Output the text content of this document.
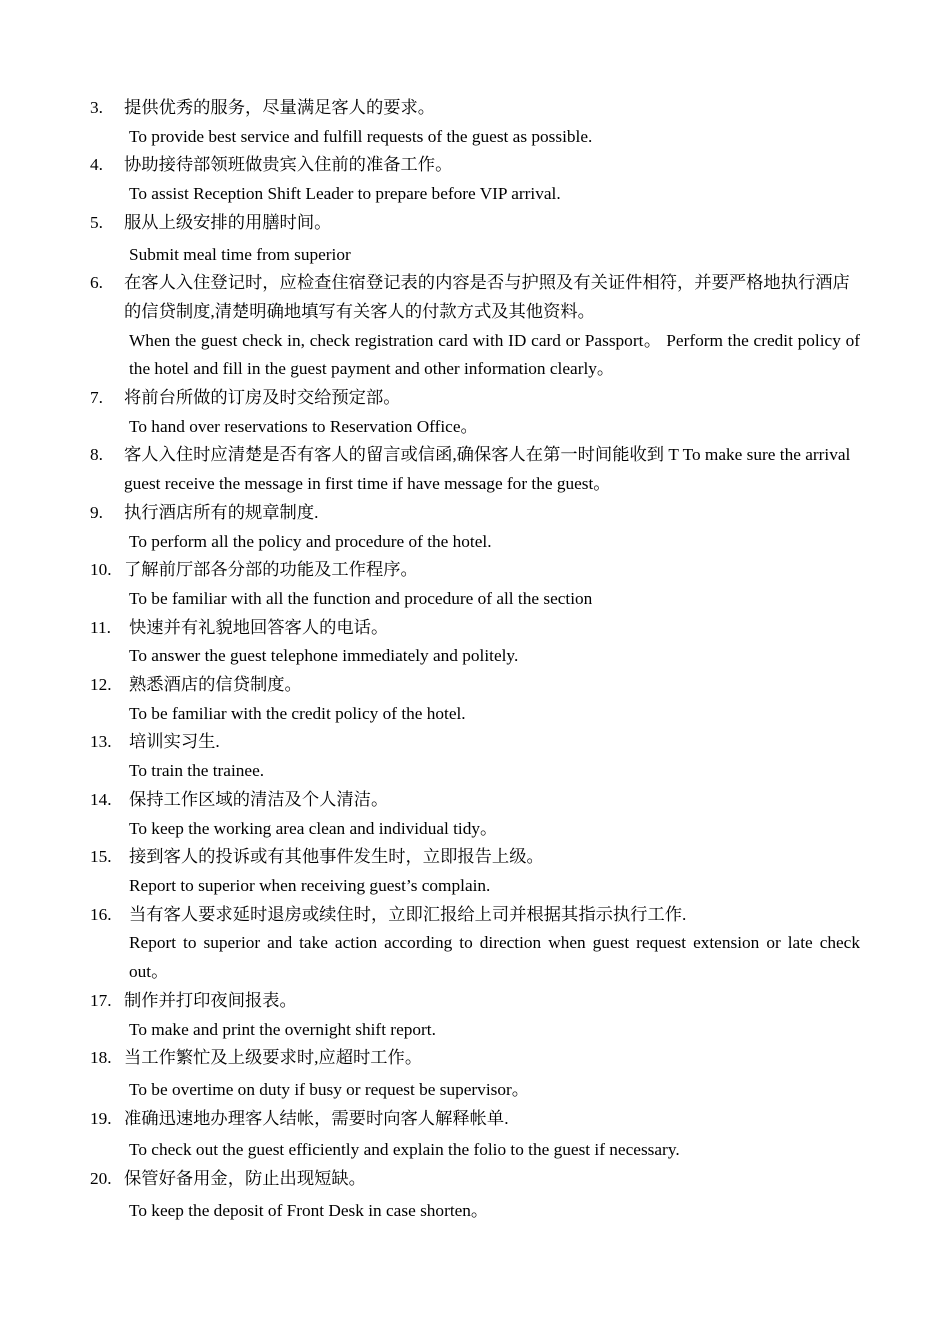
3.	提供优秀的服务，尽量满足客人的要求。
To provide best service and fulfill requests of the guest as possible.
4.	协助接待部领班做贵宾入住前的准备工作。
To assist Reception Shift Leader to prepare before VIP arrival.
5.	服从上级安排的用膳时间。
Submit meal time from superior
6.	在客人入住登记时，应检查住宿登记表的内容是否与护照及有关证件相符，并要严格地执行酒店的信贷制度,清楚明确地填写有关客人的付款方式及其他资料。
When the guest check in, check registration card with ID card or Passport。 Perform the credit policy of the hotel and fill in the guest payment and other information clearly。
7.	将前台所做的订房及时交给预定部。
To hand over reservations to Reservation Office。
8.	客人入住时应清楚是否有客人的留言或信函,确保客人在第一时间能收到 T To make sure the arrival guest receive the message in first time if have message for the guest。
9.	执行酒店所有的规章制度.
To perform all the policy and procedure of the hotel.
10. 了解前厅部各分部的功能及工作程序。
To be familiar with all the function and procedure of all the section
11.	快速并有礼貌地回答客人的电话。
To answer the guest telephone immediately and politely.
12.	熟悉酒店的信贷制度。
To be familiar with the credit policy of the hotel.
13.	培训实习生.
To train the trainee.
14.	保持工作区域的清洁及个人清洁。
To keep the working area clean and individual tidy。
15.	接到客人的投诉或有其他事件发生时，立即报告上级。
Report to superior when receiving guest’s complain.
16.	当有客人要求延时退房或续住时，立即汇报给上司并根据其指示执行工作.
Report to superior and take action according to direction when guest request extension or late check out。
17. 制作并打印夜间报表。
To make and print the overnight shift report.
18. 当工作繁忙及上级要求时,应超时工作。
To be overtime on duty if busy or request be supervisor。
19. 准确迅速地办理客人结帐，需要时向客人解释帐单.
To check out the guest efficiently and explain the folio to the guest if necessary.
20. 保管好备用金，防止出现短缺。
To keep the deposit of Front Desk in case shorten。
